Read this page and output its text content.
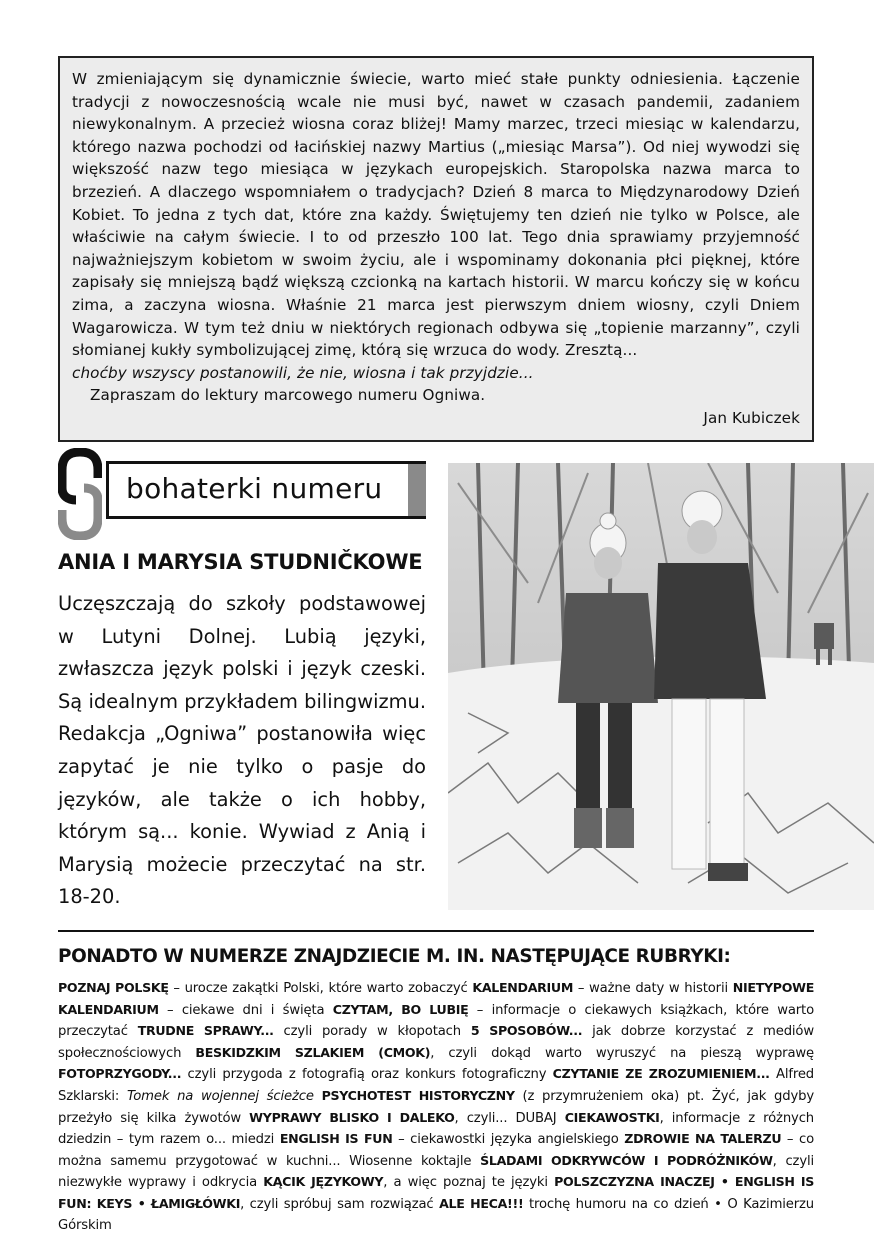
W zmieniającym się dynamicznie świecie, warto mieć stałe punkty odniesienia. Łączenie tradycji z nowoczesnością wcale nie musi być, nawet w czasach pandemii, zadaniem niewykonalnym. A przecież wiosna coraz bliżej! Mamy marzec, trzeci miesiąc w kalendarzu, którego nazwa pochodzi od łacińskiej nazwy Martius („miesiąc Marsa”). Od niej wywodzi się większość nazw tego miesiąca w językach europejskich. Staropolska nazwa marca to brzezień. A dlaczego wspomniałem o tradycjach? Dzień 8 marca to Międzynarodowy Dzień Kobiet. To jedna z tych dat, które zna każdy. Świętujemy ten dzień nie tylko w Polsce, ale właściwie na całym świecie. I to od przeszło 100 lat. Tego dnia sprawiamy przyjemność najważniejszym kobietom w swoim życiu, ale i wspominamy dokonania płci pięknej, które zapisały się mniejszą bądź większą czcionką na kartach historii. W marcu kończy się w końcu zima, a zaczyna wiosna. Właśnie 21 marca jest pierwszym dniem wiosny, czyli Dniem Wagarowicza. W tym też dniu w niektórych regionach odbywa się „topienie marzanny”, czyli słomianej kukły symbolizującej zimę, którą się wrzuca do wody. Zresztą...

choćby wszyscy postanowili, że nie, wiosna i tak przyjdzie...

Zapraszam do lektury marcowego numeru Ogniwa.

Jan Kubiczek

bohaterki numeru
ANIA I MARYSIA STUDNIČKOWE

Uczęszczają do szkoły podstawowej w Lutyni Dolnej. Lubią języki, zwłaszcza język polski i język czeski. Są idealnym przykładem bilingwizmu. Redakcja „Ogniwa” postanowiła więc zapytać je nie tylko o pasje do języków, ale także o ich hobby, którym są... konie. Wywiad z Anią i Marysią możecie przeczytać na str. 18-20.

PONADTO W NUMERZE ZNAJDZIECIE M. IN. NASTĘPUJĄCE RUBRYKI:

POZNAJ POLSKĘ – urocze zakątki Polski, które warto zobaczyć KALENDARIUM – ważne daty w historii NIETYPOWE KALENDARIUM – ciekawe dni i święta CZYTAM, BO LUBIĘ – informacje o ciekawych książkach, które warto przeczytać TRUDNE SPRAWY... czyli porady w kłopotach 5 SPOSOBÓW... jak dobrze korzystać z mediów społecznościowych BESKIDZKIM SZLAKIEM (CMOK), czyli dokąd warto wyruszyć na pieszą wyprawę FOTOPRZYGODY... czyli przygoda z fotografią oraz konkurs fotograficzny CZYTANIE ZE ZROZUMIENIEM... Alfred Szklarski: Tomek na wojennej ścieżce PSYCHOTEST HISTORYCZNY (z przymrużeniem oka) pt. Żyć, jak gdyby przeżyło się kilka żywotów WYPRAWY BLISKO I DALEKO, czyli... DUBAJ CIEKAWOSTKI, informacje z różnych dziedzin – tym razem o... miedzi ENGLISH IS FUN – ciekawostki języka angielskiego ZDROWIE NA TALERZU – co można samemu przygotować w kuchni... Wiosenne koktajle ŚLADAMI ODKRYWCÓW I PODRÓŻNIKÓW, czyli niezwykłe wyprawy i odkrycia KĄCIK JĘZYKOWY, a więc poznaj te języki POLSZCZYZNA INACZEJ • ENGLISH IS FUN: KEYS • ŁAMIGŁÓWKI, czyli spróbuj sam rozwiązać ALE HECA!!! trochę humoru na co dzień • O Kazimierzu Górskim
